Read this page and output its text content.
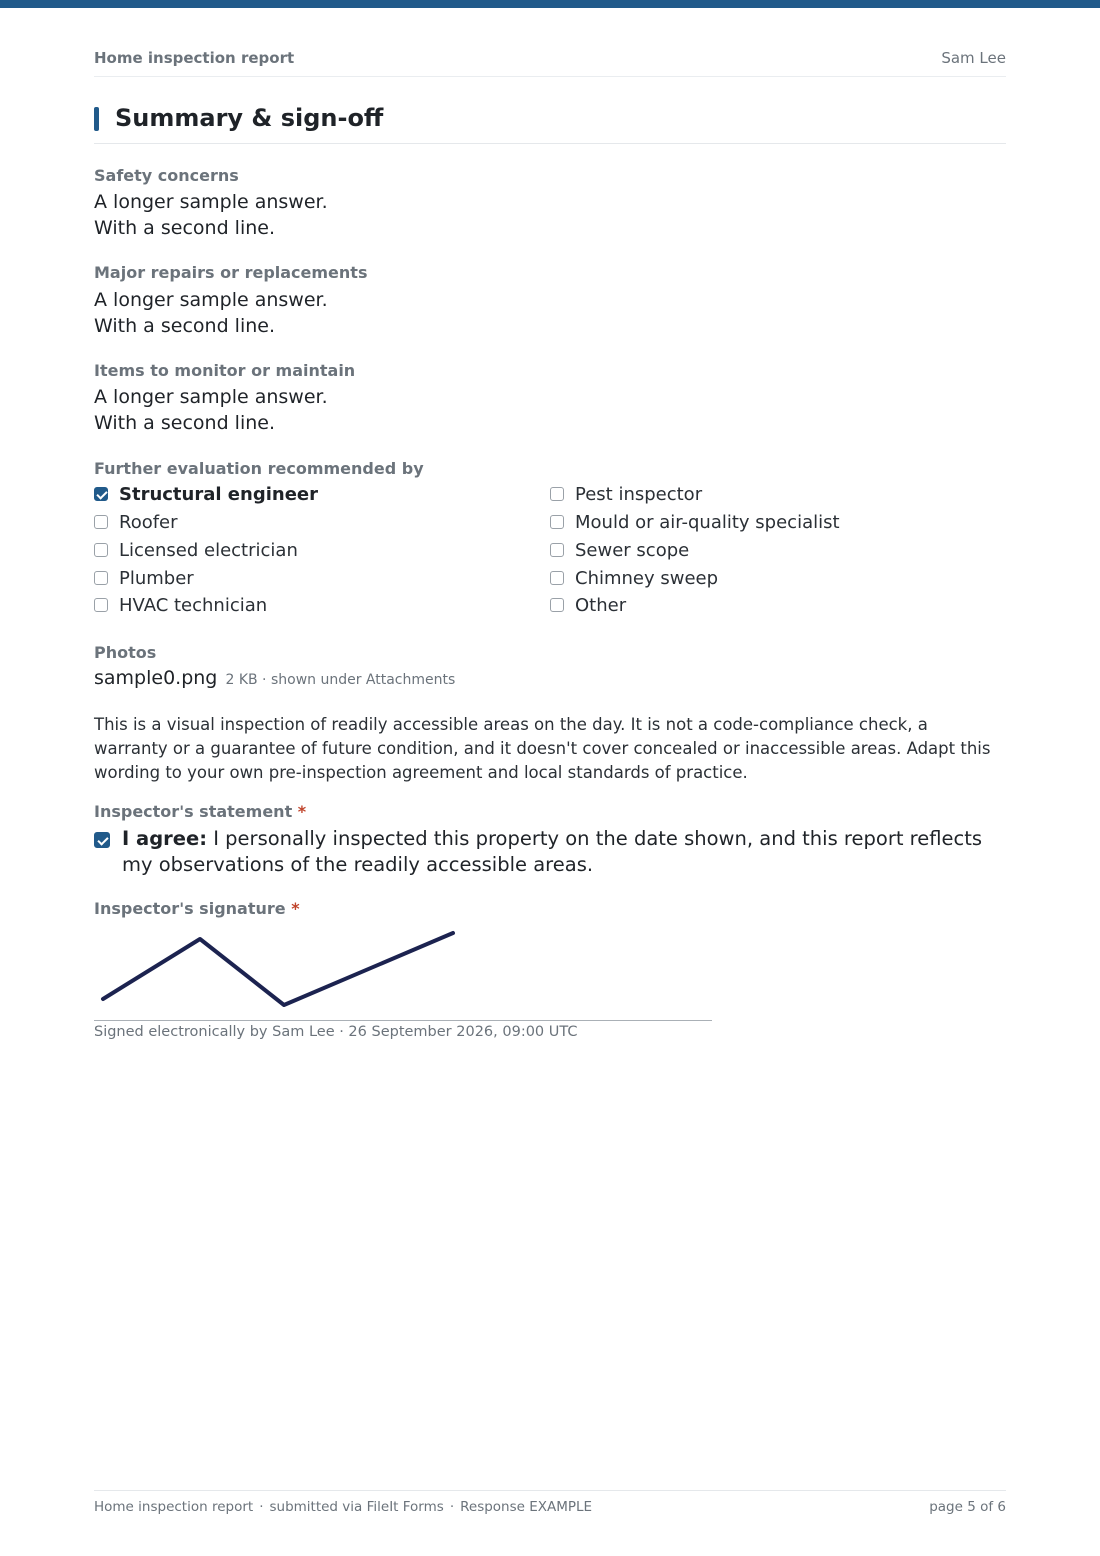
Home inspection report	Sam Lee
Summary & sign-off
Safety concerns
A longer sample answer.
With a second line.
Major repairs or replacements
A longer sample answer.
With a second line.
Items to monitor or maintain
A longer sample answer.
With a second line.
Further evaluation recommended by
Structural engineer
Roofer
Licensed electrician
Plumber
HVAC technician
Pest inspector
Mould or air-quality specialist
Sewer scope
Chimney sweep
Other
Photos
sample0.png 2 KB · shown under Attachments
This is a visual inspection of readily accessible areas on the day. It is not a code-compliance check, a warranty or a guarantee of future condition, and it doesn't cover concealed or inaccessible areas. Adapt this wording to your own pre-inspection agreement and local standards of practice.
Inspector's statement *
I agree: I personally inspected this property on the date shown, and this report reflects my observations of the readily accessible areas.
Inspector's signature *
Signed electronically by Sam Lee · 26 September 2026, 09:00 UTC
Home inspection report · submitted via FileIt Forms · Response EXAMPLE	page 5 of 6
